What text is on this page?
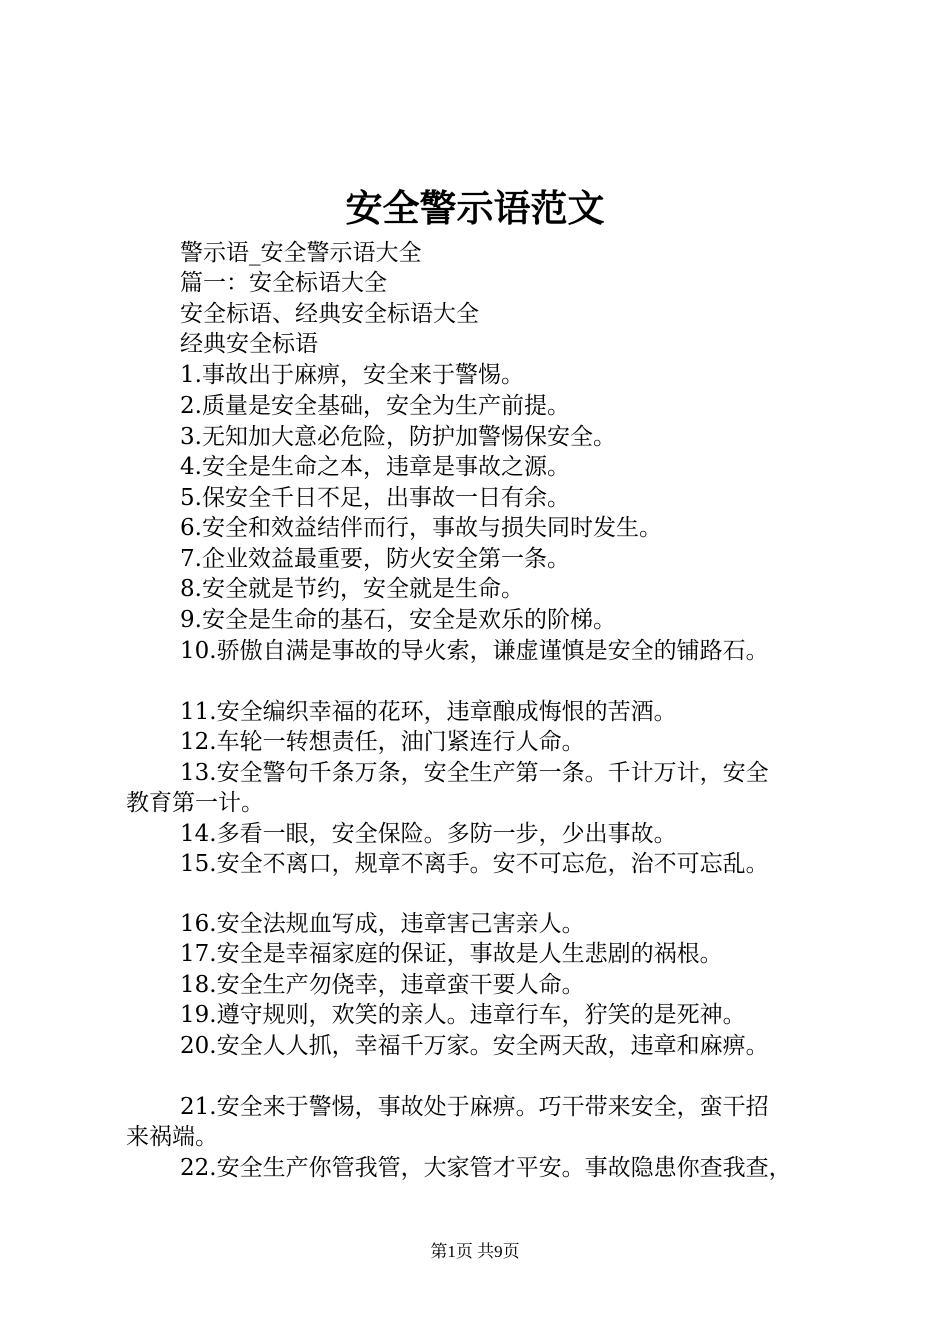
安全警示语范文

警示语_安全警示语大全

篇一：安全标语大全

安全标语、经典安全标语大全

经典安全标语

1.事故出于麻痹，安全来于警惕。

2.质量是安全基础，安全为生产前提。

3.无知加大意必危险，防护加警惕保安全。

4.安全是生命之本，违章是事故之源。

5.保安全千日不足，出事故一日有余。

6.安全和效益结伴而行，事故与损失同时发生。

7.企业效益最重要，防火安全第一条。

8.安全就是节约，安全就是生命。

9.安全是生命的基石，安全是欢乐的阶梯。

10.骄傲自满是事故的导火索，谦虚谨慎是安全的铺路石。

11.安全编织幸福的花环，违章酿成悔恨的苦酒。

12.车轮一转想责任，油门紧连行人命。

13.安全警句千条万条，安全生产第一条。千计万计，安全

教育第一计。

14.多看一眼，安全保险。多防一步，少出事故。

15.安全不离口，规章不离手。安不可忘危，治不可忘乱。

16.安全法规血写成，违章害己害亲人。

17.安全是幸福家庭的保证，事故是人生悲剧的祸根。

18.安全生产勿侥幸，违章蛮干要人命。

19.遵守规则，欢笑的亲人。违章行车，狞笑的是死神。

20.安全人人抓，幸福千万家。安全两天敌，违章和麻痹。

21.安全来于警惕，事故处于麻痹。巧干带来安全，蛮干招

来祸端。

22.安全生产你管我管，大家管才平安。事故隐患你查我查，

第1页 共9页
